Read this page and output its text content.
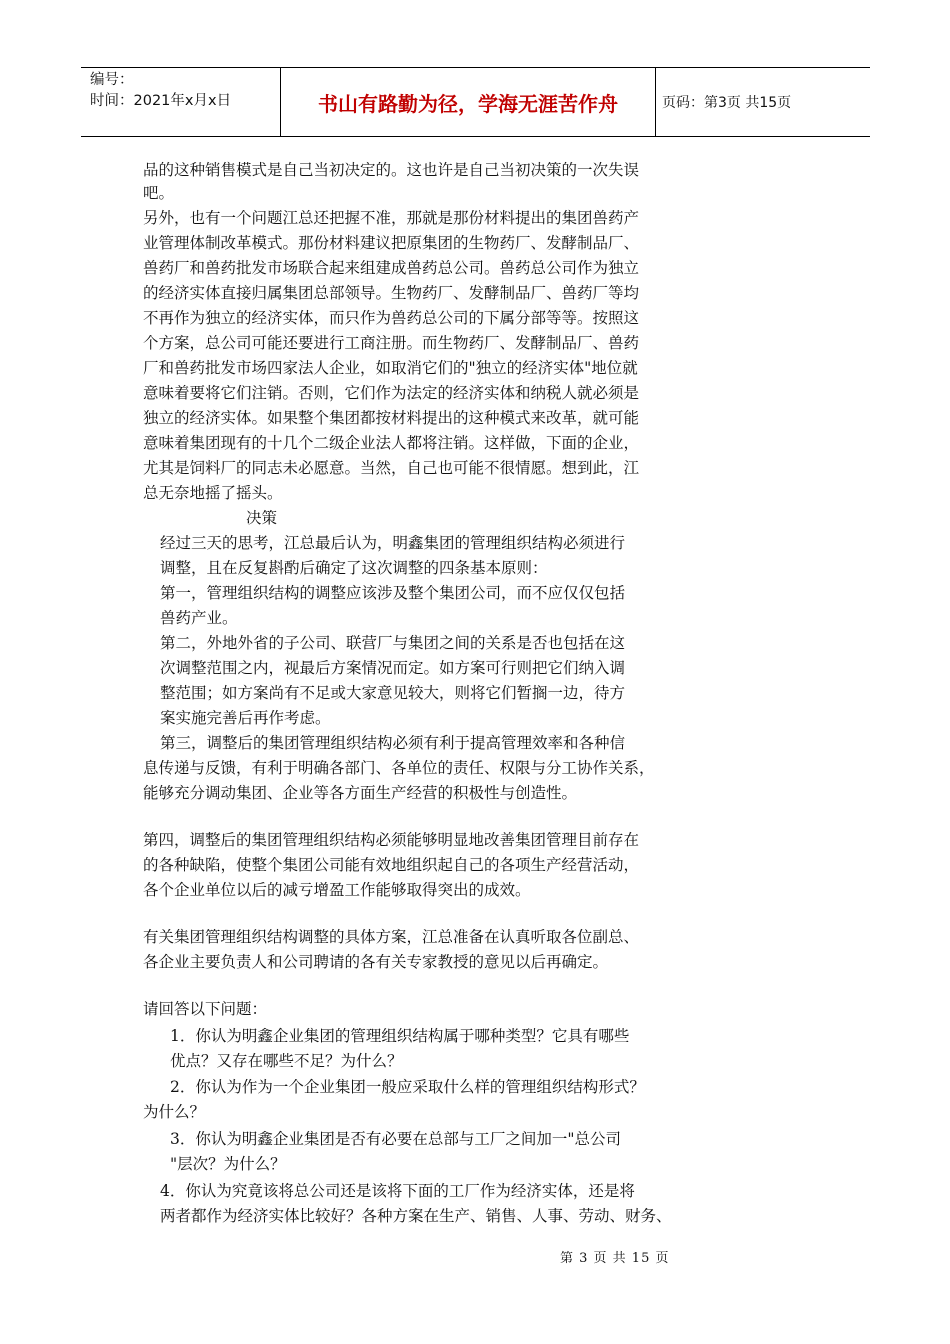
编号：
时间：2021年x月x日	书山有路勤为径，学海无涯苦作舟	页码：第3页 共15页
品的这种销售模式是自己当初决定的。这也许是自己当初决策的一次失误
吧。
另外，也有一个问题江总还把握不准，那就是那份材料提出的集团兽药产
业管理体制改革模式。那份材料建议把原集团的生物药厂、发酵制品厂、
兽药厂和兽药批发市场联合起来组建成兽药总公司。兽药总公司作为独立
的经济实体直接归属集团总部领导。生物药厂、发酵制品厂、兽药厂等均
不再作为独立的经济实体，而只作为兽药总公司的下属分部等等。按照这
个方案，总公司可能还要进行工商注册。而生物药厂、发酵制品厂、兽药
厂和兽药批发市场四家法人企业，如取消它们的"独立的经济实体"地位就
意味着要将它们注销。否则，它们作为法定的经济实体和纳税人就必须是
独立的经济实体。如果整个集团都按材料提出的这种模式来改革，就可能
意味着集团现有的十几个二级企业法人都将注销。这样做，下面的企业，
尤其是饲料厂的同志未必愿意。当然，自己也可能不很情愿。想到此，江
总无奈地摇了摇头。
决策
经过三天的思考，江总最后认为，明鑫集团的管理组织结构必须进行
调整，且在反复斟酌后确定了这次调整的四条基本原则：
第一，管理组织结构的调整应该涉及整个集团公司，而不应仅仅包括
兽药产业。
第二，外地外省的子公司、联营厂与集团之间的关系是否也包括在这
次调整范围之内，视最后方案情况而定。如方案可行则把它们纳入调
整范围；如方案尚有不足或大家意见较大，则将它们暂搁一边，待方
案实施完善后再作考虑。
第三，调整后的集团管理组织结构必须有利于提高管理效率和各种信
息传递与反馈，有利于明确各部门、各单位的责任、权限与分工协作关系，
能够充分调动集团、企业等各方面生产经营的积极性与创造性。
第四，调整后的集团管理组织结构必须能够明显地改善集团管理目前存在
的各种缺陷，使整个集团公司能有效地组织起自己的各项生产经营活动，
各个企业单位以后的减亏增盈工作能够取得突出的成效。
有关集团管理组织结构调整的具体方案，江总准备在认真听取各位副总、
各企业主要负责人和公司聘请的各有关专家教授的意见以后再确定。
请回答以下问题：
1．你认为明鑫企业集团的管理组织结构属于哪种类型？它具有哪些
优点？又存在哪些不足？为什么？
2．你认为作为一个企业集团一般应采取什么样的管理组织结构形式？
为什么？
3．你认为明鑫企业集团是否有必要在总部与工厂之间加一"总公司
"层次？为什么？
4．你认为究竟该将总公司还是该将下面的工厂作为经济实体，还是将
两者都作为经济实体比较好？各种方案在生产、销售、人事、劳动、财务、
第 3 页 共 15 页
